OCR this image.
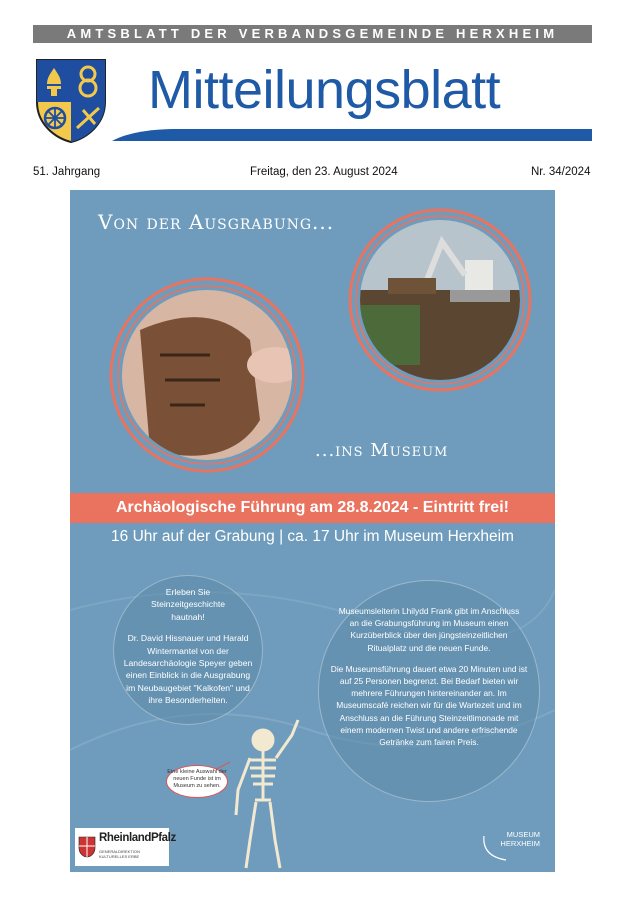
AMTSBLATT DER VERBANDSGEMEINDE HERXHEIM
Mitteilungsblatt
51. Jahrgang	Freitag, den 23. August 2024	Nr. 34/2024
Von der Ausgrabung...
...ins Museum
Archäologische Führung am 28.8.2024 - Eintritt frei!
16 Uhr auf der Grabung | ca. 17 Uhr im Museum Herxheim

Erleben Sie Steinzeitgeschichte hautnah!

Dr. David Hissnauer und Harald Wintermantel von der Landesarchäologie Speyer geben einen Einblick in die Ausgrabung im Neubaugebiet "Kalkofen" und ihre Besonderheiten.

Museumsleiterin Lhilydd Frank gibt im Anschluss an die Grabungsführung im Museum einen Kurzüberblick über den jüngsteinzeitlichen Ritualplatz und die neuen Funde.

Die Museumsführung dauert etwa 20 Minuten und ist auf 25 Personen begrenzt. Bei Bedarf bieten wir mehrere Führungen hintereinander an. Im Museumscafé reichen wir für die Wartezeit und im Anschluss an die Führung Steinzeitlimonade mit einem modernen Twist und andere erfrischende Getränke zum fairen Preis.

Eine kleine Auswahl der neuen Funde ist im Museum zu sehen.
RheinlandPfalz
GENERALDIREKTION
KULTURELLES ERBE
MUSEUM
HERXHEIM
